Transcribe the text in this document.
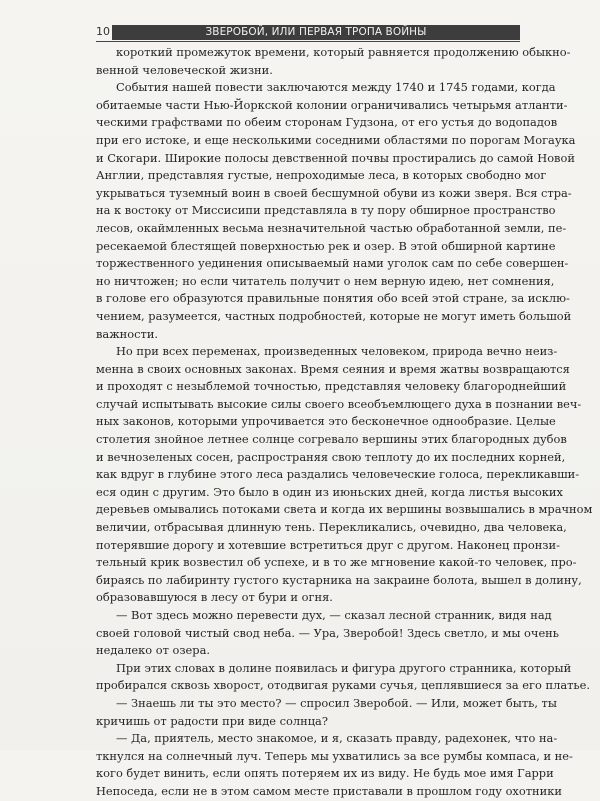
10	ЗВЕРОБОЙ, ИЛИ ПЕРВАЯ ТРОПА ВОЙНЫ
короткий промежуток времени, который равняется продолжению обыкно-
венной человеческой жизни.
События нашей повести заключаются между 1740 и 1745 годами, когда
обитаемые части Нью-Йоркской колонии ограничивались четырьмя атланти-
ческими графствами по обеим сторонам Гудзона, от его устья до водопадов
при его истоке, и еще несколькими соседними областями по порогам Могаука
и Скогари. Широкие полосы девственной почвы простирались до самой Новой
Англии, представляя густые, непроходимые леса, в которых свободно мог
укрываться туземный воин в своей бесшумной обуви из кожи зверя. Вся стра-
на к востоку от Миссисипи представляла в ту пору обширное пространство
лесов, окаймленных весьма незначительной частью обработанной земли, пе-
ресекаемой блестящей поверхностью рек и озер. В этой обширной картине
торжественного уединения описываемый нами уголок сам по себе совершен-
но ничтожен; но если читатель получит о нем верную идею, нет сомнения,
в голове его образуются правильные понятия обо всей этой стране, за исклю-
чением, разумеется, частных подробностей, которые не могут иметь большой
важности.
Но при всех переменах, произведенных человеком, природа вечно неиз-
менна в своих основных законах. Время сеяния и время жатвы возвращаются
и проходят с незыблемой точностью, представляя человеку благороднейший
случай испытывать высокие силы своего всеобъемлющего духа в познании веч-
ных законов, которыми упрочивается это бесконечное однообразие. Целые
столетия знойное летнее солнце согревало вершины этих благородных дубов
и вечнозеленых сосен, распространяя свою теплоту до их последних корней,
как вдруг в глубине этого леса раздались человеческие голоса, перекликавши-
еся один с другим. Это было в один из июньских дней, когда листья высоких
деревьев омывались потоками света и когда их вершины возвышались в мрачном
величии, отбрасывая длинную тень. Перекликались, очевидно, два человека,
потерявшие дорогу и хотевшие встретиться друг с другом. Наконец пронзи-
тельный крик возвестил об успехе, и в то же мгновение какой-то человек, про-
бираясь по лабиринту густого кустарника на закраине болота, вышел в долину,
образовавшуюся в лесу от бури и огня.
— Вот здесь можно перевести дух, — сказал лесной странник, видя над
своей головой чистый свод неба. — Ура, Зверобой! Здесь светло, и мы очень
недалеко от озера.
При этих словах в долине появилась и фигура другого странника, который
пробирался сквозь хворост, отодвигая руками сучья, цеплявшиеся за его платье.
— Знаешь ли ты это место? — спросил Зверобой. — Или, может быть, ты
кричишь от радости при виде солнца?
— Да, приятель, место знакомое, и я, сказать правду, радехонек, что на-
ткнулся на солнечный луч. Теперь мы ухватились за все румбы компаса, и не-
кого будет винить, если опять потеряем их из виду. Не будь мое имя Гарри
Непоседа, если не в этом самом месте приставали в прошлом году охотники
